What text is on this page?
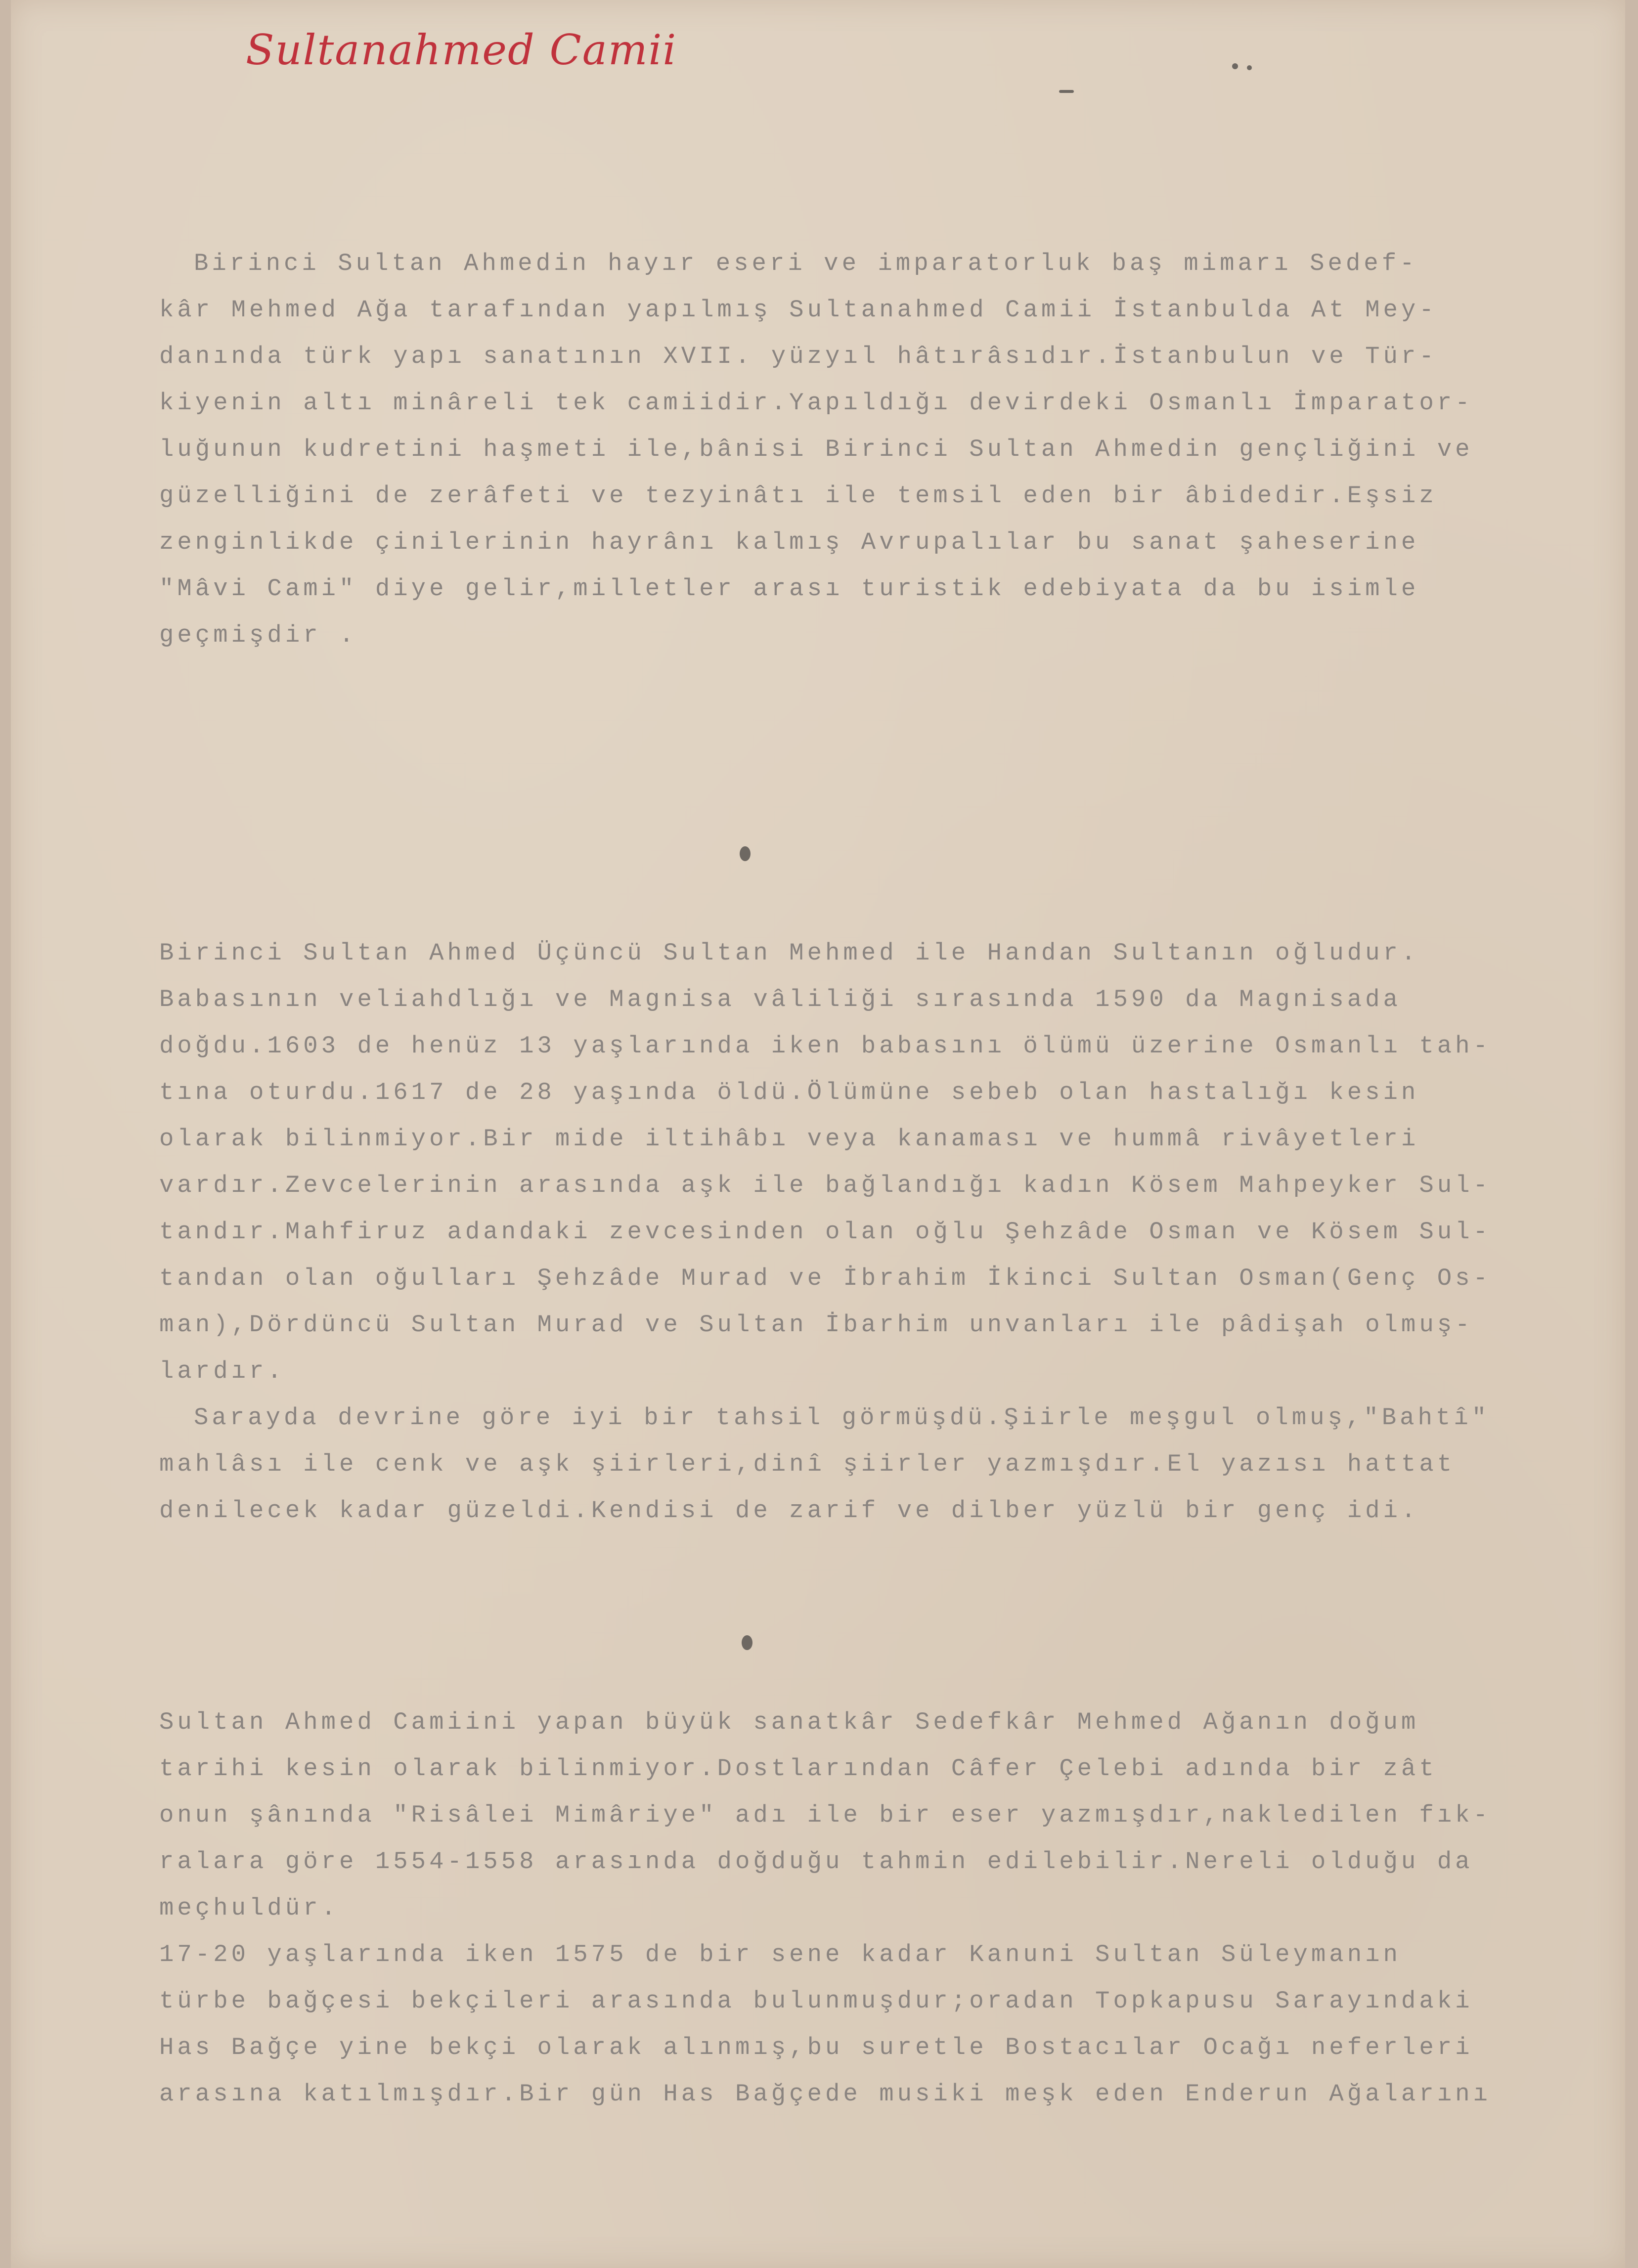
Sultanahmed Camii
Birinci Sultan Ahmedin hayır eseri ve imparatorluk baş mimarı Sedef-
kâr Mehmed Ağa tarafından yapılmış Sultanahmed Camii İstanbulda At Mey-
danında türk yapı sanatının XVII. yüzyıl hâtırâsıdır.İstanbulun ve Tür-
kiyenin altı minâreli tek camiidir.Yapıldığı devirdeki Osmanlı İmparator-
luğunun kudretini haşmeti ile,bânisi Birinci Sultan Ahmedin gençliğini ve
güzelliğini de zerâfeti ve tezyinâtı ile temsil eden bir âbidedir.Eşsiz
zenginlikde çinilerinin hayrânı kalmış Avrupalılar bu sanat şaheserine
"Mâvi Cami" diye gelir,milletler arası turistik edebiyata da bu isimle
geçmişdir .
Birinci Sultan Ahmed Üçüncü Sultan Mehmed ile Handan Sultanın oğludur.
Babasının veliahdlığı ve Magnisa vâliliği sırasında 1590 da Magnisada
doğdu.1603 de henüz 13 yaşlarında iken babasını ölümü üzerine Osmanlı tah-
tına oturdu.1617 de 28 yaşında öldü.Ölümüne sebeb olan hastalığı kesin
olarak bilinmiyor.Bir mide iltihâbı veya kanaması ve hummâ rivâyetleri
vardır.Zevcelerinin arasında aşk ile bağlandığı kadın Kösem Mahpeyker Sul-
tandır.Mahfiruz adandaki zevcesinden olan oğlu Şehzâde Osman ve Kösem Sul-
tandan olan oğulları Şehzâde Murad ve İbrahim İkinci Sultan Osman(Genç Os-
man),Dördüncü Sultan Murad ve Sultan İbarhim unvanları ile pâdişah olmuş-
lardır.
Sarayda devrine göre iyi bir tahsil görmüşdü.Şiirle meşgul olmuş,"Bahtî"
mahlâsı ile cenk ve aşk şiirleri,dinî şiirler yazmışdır.El yazısı hattat
denilecek kadar güzeldi.Kendisi de zarif ve dilber yüzlü bir genç idi.
Sultan Ahmed Camiini yapan büyük sanatkâr Sedefkâr Mehmed Ağanın doğum
tarihi kesin olarak bilinmiyor.Dostlarından Câfer Çelebi adında bir zât
onun şânında "Risâlei Mimâriye" adı ile bir eser yazmışdır,nakledilen fık-
ralara göre 1554-1558 arasında doğduğu tahmin edilebilir.Nereli olduğu da
meçhuldür.
17-20 yaşlarında iken 1575 de bir sene kadar Kanuni Sultan Süleymanın
türbe bağçesi bekçileri arasında bulunmuşdur;oradan Topkapusu Sarayındaki
Has Bağçe yine bekçi olarak alınmış,bu suretle Bostacılar Ocağı neferleri
arasına katılmışdır.Bir gün Has Bağçede musiki meşk eden Enderun Ağalarını
